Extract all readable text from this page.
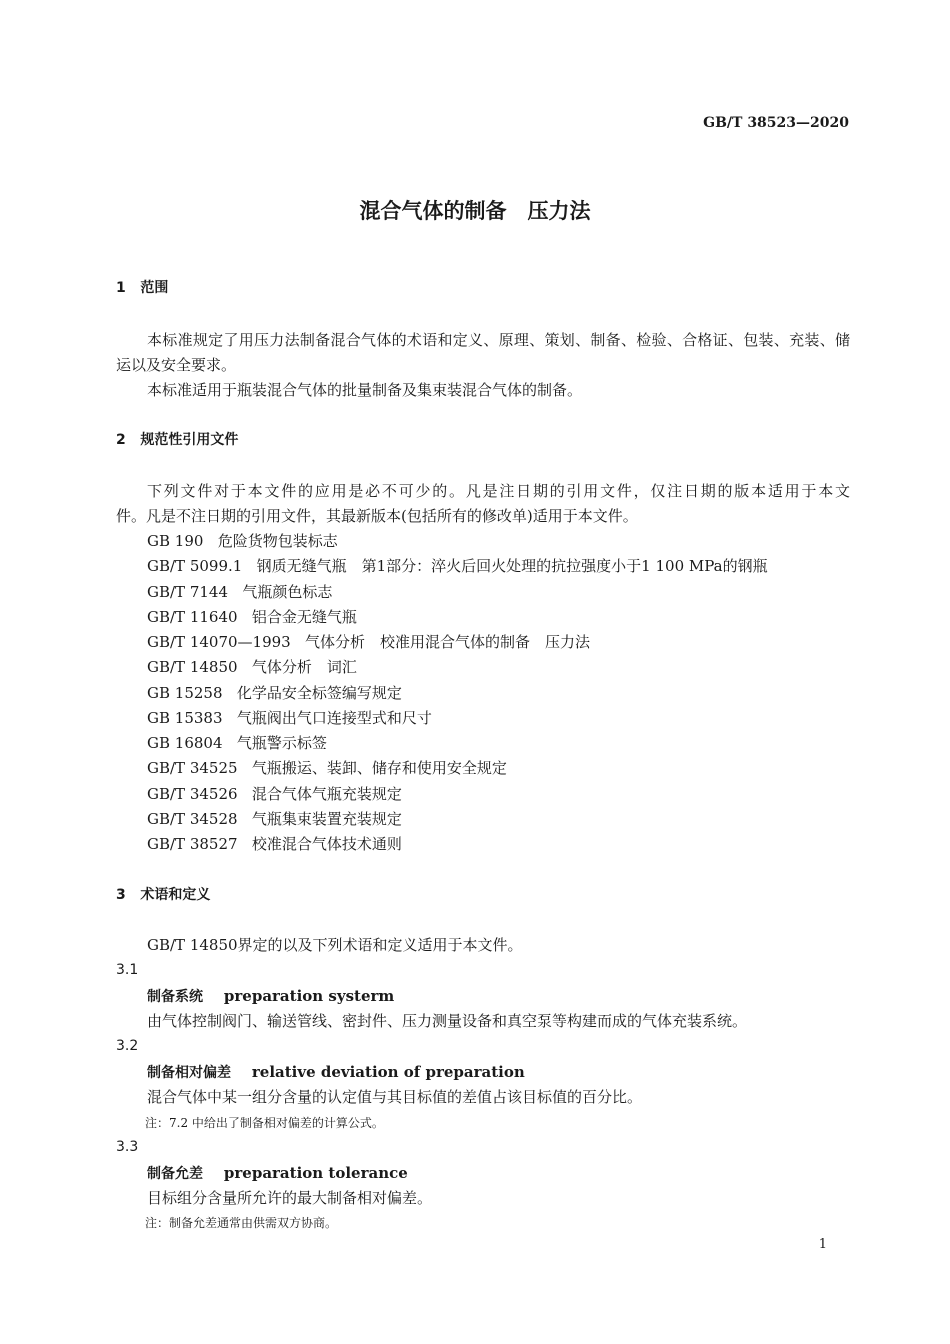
GB/T 38523—2020
混合气体的制备　压力法
1 范围
本标准规定了用压力法制备混合气体的术语和定义、原理、策划、制备、检验、合格证、包装、充装、储
运以及安全要求。
本标准适用于瓶装混合气体的批量制备及集束装混合气体的制备。
2 规范性引用文件
下列文件对于本文件的应用是必不可少的。凡是注日期的引用文件，仅注日期的版本适用于本文
件。凡是不注日期的引用文件，其最新版本(包括所有的修改单)适用于本文件。
GB 190 危险货物包装标志
GB/T 5099.1 钢质无缝气瓶　第1部分：淬火后回火处理的抗拉强度小于1 100 MPa的钢瓶
GB/T 7144 气瓶颜色标志
GB/T 11640 铝合金无缝气瓶
GB/T 14070—1993 气体分析　校准用混合气体的制备　压力法
GB/T 14850 气体分析　词汇
GB 15258 化学品安全标签编写规定
GB 15383 气瓶阀出气口连接型式和尺寸
GB 16804 气瓶警示标签
GB/T 34525 气瓶搬运、装卸、储存和使用安全规定
GB/T 34526 混合气体气瓶充装规定
GB/T 34528 气瓶集束装置充装规定
GB/T 38527 校准混合气体技术通则
3 术语和定义
GB/T 14850界定的以及下列术语和定义适用于本文件。
3.1
制备系统 preparation systerm
由气体控制阀门、输送管线、密封件、压力测量设备和真空泵等构建而成的气体充装系统。
3.2
制备相对偏差 relative deviation of preparation
混合气体中某一组分含量的认定值与其目标值的差值占该目标值的百分比。
注：7.2 中给出了制备相对偏差的计算公式。
3.3
制备允差 preparation tolerance
目标组分含量所允许的最大制备相对偏差。
注：制备允差通常由供需双方协商。
1
